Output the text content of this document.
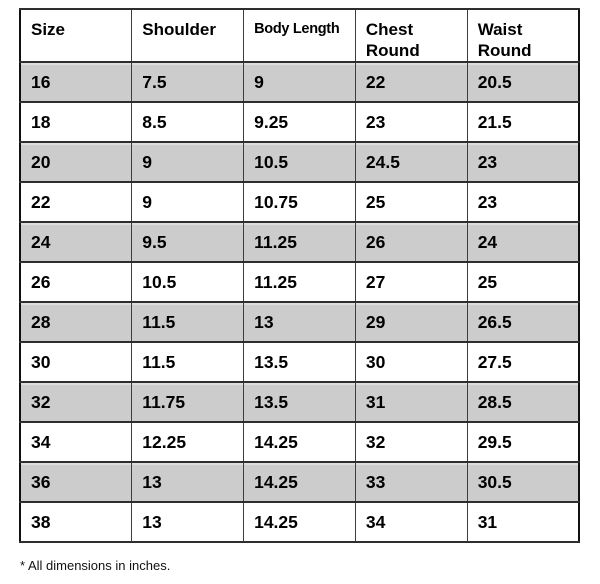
Size	Shoulder	Body Length	Chest Round	Waist Round
16	7.5	9	22	20.5
18	8.5	9.25	23	21.5
20	9	10.5	24.5	23
22	9	10.75	25	23
24	9.5	11.25	26	24
26	10.5	11.25	27	25
28	11.5	13	29	26.5
30	11.5	13.5	30	27.5
32	11.75	13.5	31	28.5
34	12.25	14.25	32	29.5
36	13	14.25	33	30.5
38	13	14.25	34	31

* All dimensions in inches.
